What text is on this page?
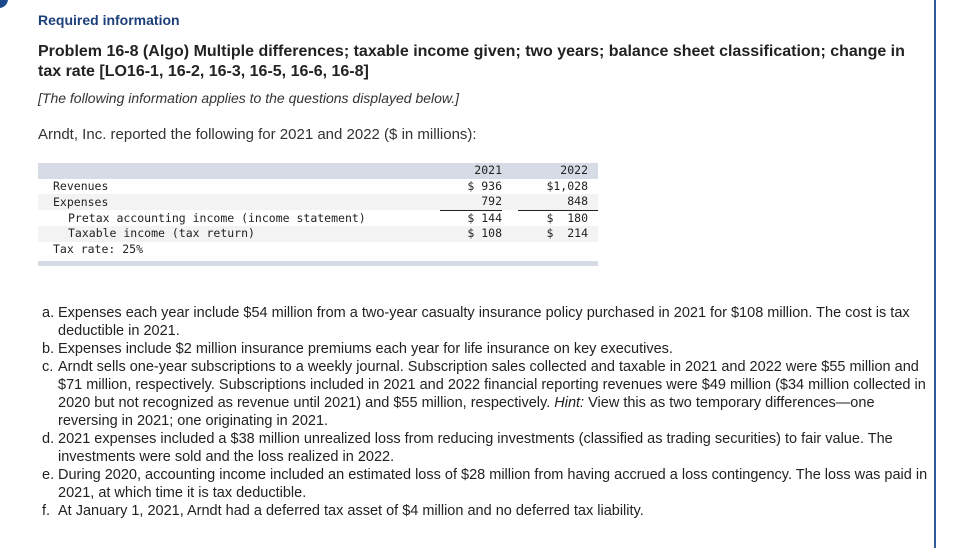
Required information
Problem 16-8 (Algo) Multiple differences; taxable income given; two years; balance sheet classification; change in tax rate [LO16-1, 16-2, 16-3, 16-5, 16-6, 16-8]
[The following information applies to the questions displayed below.]
Arndt, Inc. reported the following for 2021 and 2022 ($ in millions):
	2021		2022
Revenues	$ 936		$1,028
Expenses	792		848
Pretax accounting income (income statement)	$ 144		$  180
Taxable income (tax return)	$ 108		$  214
Tax rate: 25%			
a. Expenses each year include $54 million from a two-year casualty insurance policy purchased in 2021 for $108 million. The cost is tax deductible in 2021.
b. Expenses include $2 million insurance premiums each year for life insurance on key executives.
c. Arndt sells one-year subscriptions to a weekly journal. Subscription sales collected and taxable in 2021 and 2022 were $55 million and $71 million, respectively. Subscriptions included in 2021 and 2022 financial reporting revenues were $49 million ($34 million collected in 2020 but not recognized as revenue until 2021) and $55 million, respectively. Hint: View this as two temporary differences—one reversing in 2021; one originating in 2021.
d. 2021 expenses included a $38 million unrealized loss from reducing investments (classified as trading securities) to fair value. The investments were sold and the loss realized in 2022.
e. During 2020, accounting income included an estimated loss of $28 million from having accrued a loss contingency. The loss was paid in 2021, at which time it is tax deductible.
f. At January 1, 2021, Arndt had a deferred tax asset of $4 million and no deferred tax liability.
